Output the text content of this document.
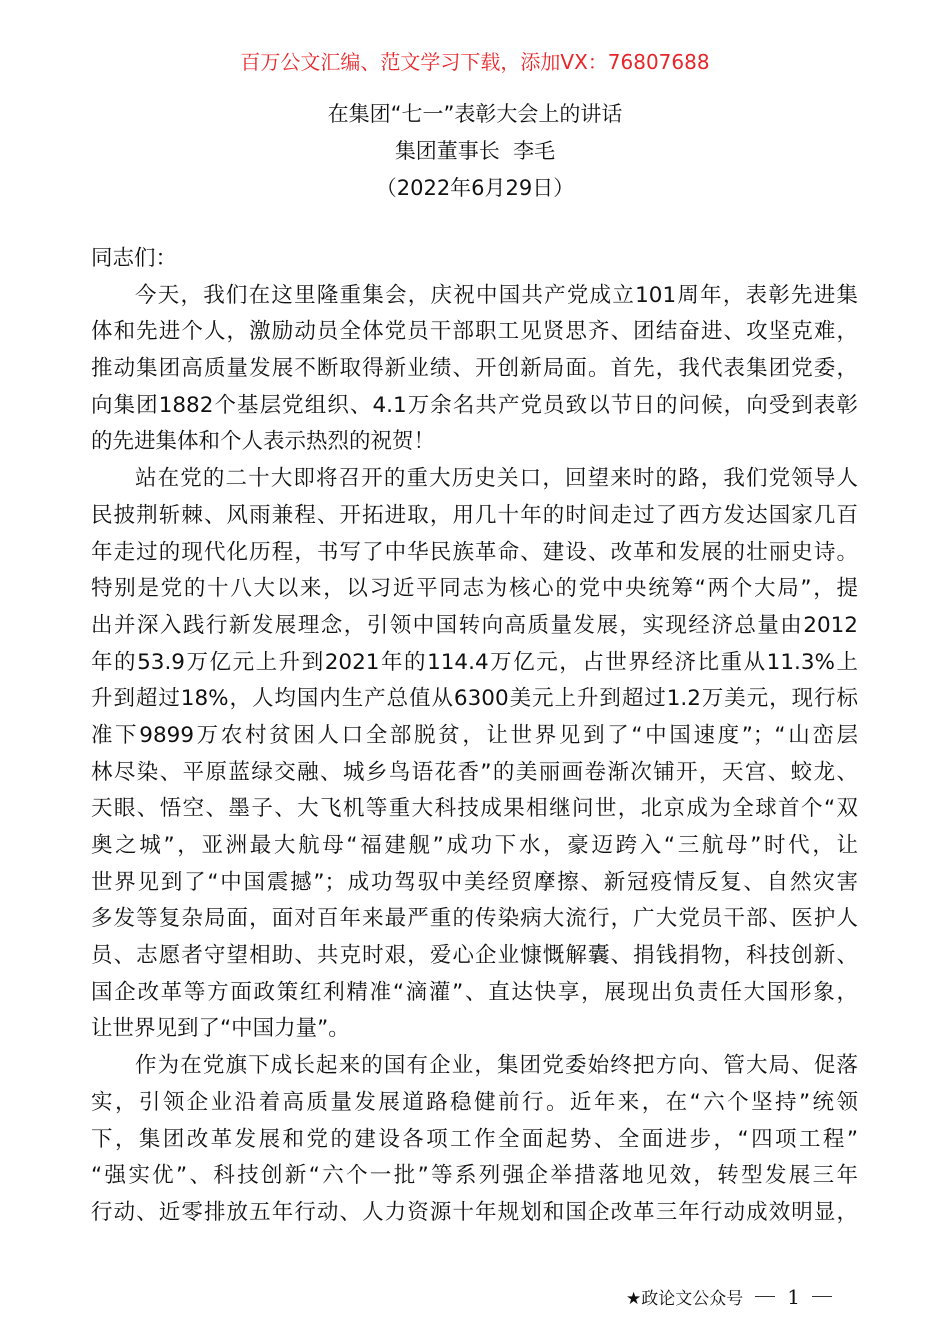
百万公文汇编、范文学习下载，添加VX：76807688
在集团“七一”表彰大会上的讲话
集团董事长  李毛
（2022年6月29日）
同志们：
今天，我们在这里隆重集会，庆祝中国共产党成立101周年，表彰先进集
体和先进个人，激励动员全体党员干部职工见贤思齐、团结奋进、攻坚克难，
推动集团高质量发展不断取得新业绩、开创新局面。首先，我代表集团党委，
向集团1882个基层党组织、4.1万余名共产党员致以节日的问候，向受到表彰
的先进集体和个人表示热烈的祝贺！
站在党的二十大即将召开的重大历史关口，回望来时的路，我们党领导人
民披荆斩棘、风雨兼程、开拓进取，用几十年的时间走过了西方发达国家几百
年走过的现代化历程，书写了中华民族革命、建设、改革和发展的壮丽史诗。
特别是党的十八大以来，以习近平同志为核心的党中央统筹“两个大局”，提
出并深入践行新发展理念，引领中国转向高质量发展，实现经济总量由2012
年的53.9万亿元上升到2021年的114.4万亿元，占世界经济比重从11.3%上
升到超过18%，人均国内生产总值从6300美元上升到超过1.2万美元，现行标
准下9899万农村贫困人口全部脱贫，让世界见到了“中国速度”；“山峦层
林尽染、平原蓝绿交融、城乡鸟语花香”的美丽画卷渐次铺开，天宫、蛟龙、
天眼、悟空、墨子、大飞机等重大科技成果相继问世，北京成为全球首个“双
奥之城”，亚洲最大航母“福建舰”成功下水，豪迈跨入“三航母”时代，让
世界见到了“中国震撼”；成功驾驭中美经贸摩擦、新冠疫情反复、自然灾害
多发等复杂局面，面对百年来最严重的传染病大流行，广大党员干部、医护人
员、志愿者守望相助、共克时艰，爱心企业慷慨解囊、捐钱捐物，科技创新、
国企改革等方面政策红利精准“滴灌”、直达快享，展现出负责任大国形象，
让世界见到了“中国力量”。
作为在党旗下成长起来的国有企业，集团党委始终把方向、管大局、促落
实，引领企业沿着高质量发展道路稳健前行。近年来，在“六个坚持”统领
下，集团改革发展和党的建设各项工作全面起势、全面进步，“四项工程”
“强实优”、科技创新“六个一批”等系列强企举措落地见效，转型发展三年
行动、近零排放五年行动、人力资源十年规划和国企改革三年行动成效明显，
★政论文公众号 1
